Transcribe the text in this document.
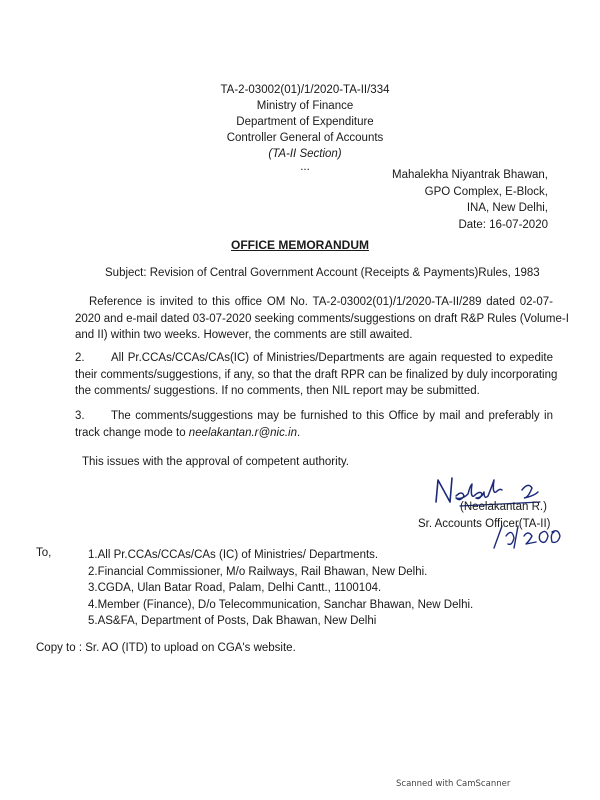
TA-2-03002(01)/1/2020-TA-II/334
Ministry of Finance
Department of Expenditure
Controller General of Accounts
(TA-II Section)
...
Mahalekha Niyantrak Bhawan,
GPO Complex, E-Block,
INA, New Delhi,
Date: 16-07-2020
OFFICE MEMORANDUM
Subject: Revision of Central Government Account (Receipts & Payments)Rules, 1983
Reference is invited to this office OM No. TA-2-03002(01)/1/2020-TA-II/289 dated 02-07-
2020 and e-mail dated 03-07-2020 seeking comments/suggestions on draft R&P Rules (Volume-I
and II) within two weeks. However, the comments are still awaited.
2. All Pr.CCAs/CCAs/CAs(IC) of Ministries/Departments are again requested to expedite
their comments/suggestions, if any, so that the draft RPR can be finalized by duly incorporating
the comments/ suggestions. If no comments, then NIL report may be submitted.
3. The comments/suggestions may be furnished to this Office by mail and preferably in
track change mode to neelakantan.r@nic.in.
This issues with the approval of competent authority.
(Neelakantan R.)
Sr. Accounts Officer(TA-II)
To,	1.All Pr.CCAs/CCAs/CAs (IC) of Ministries/ Departments.
2.Financial Commissioner, M/o Railways, Rail Bhawan, New Delhi.
3.CGDA, Ulan Batar Road, Palam, Delhi Cantt., 1100104.
4.Member (Finance), D/o Telecommunication, Sanchar Bhawan, New Delhi.
5.AS&FA, Department of Posts, Dak Bhawan, New Delhi
Copy to : Sr. AO (ITD) to upload on CGA's website.
Scanned with CamScanner
